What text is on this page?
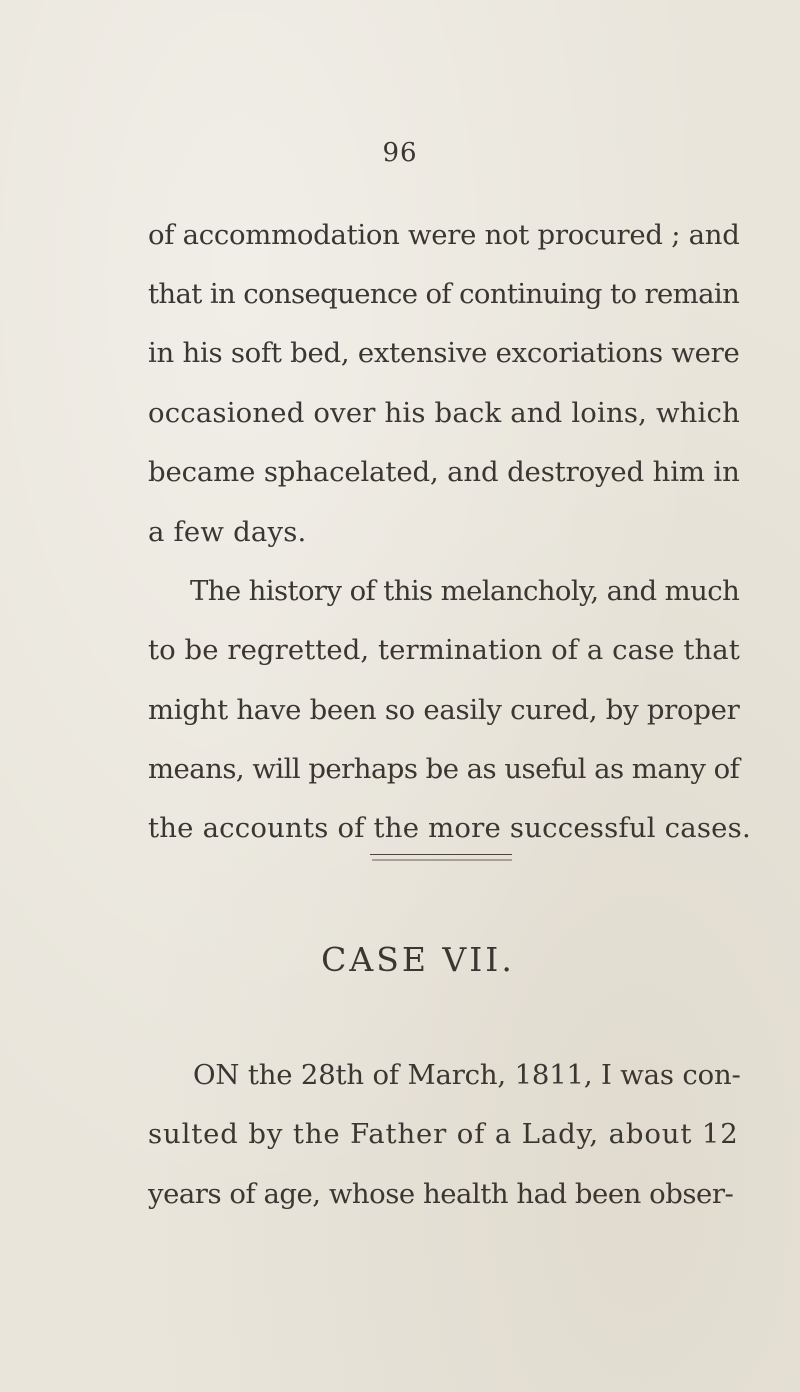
96
of accommodation were not procured ; and
that in consequence of continuing to remain
in his soft bed, extensive excoriations were
occasioned over his back and loins, which
became sphacelated, and destroyed him in
a few days.
The history of this melancholy, and much
to be regretted, termination of a case that
might have been so easily cured, by proper
means, will perhaps be as useful as many of
the accounts of the more successful cases.
CASE VII.
ON the 28th of March, 1811, I was con-
sulted by the Father of a Lady, about 12
years of age, whose health had been obser-
